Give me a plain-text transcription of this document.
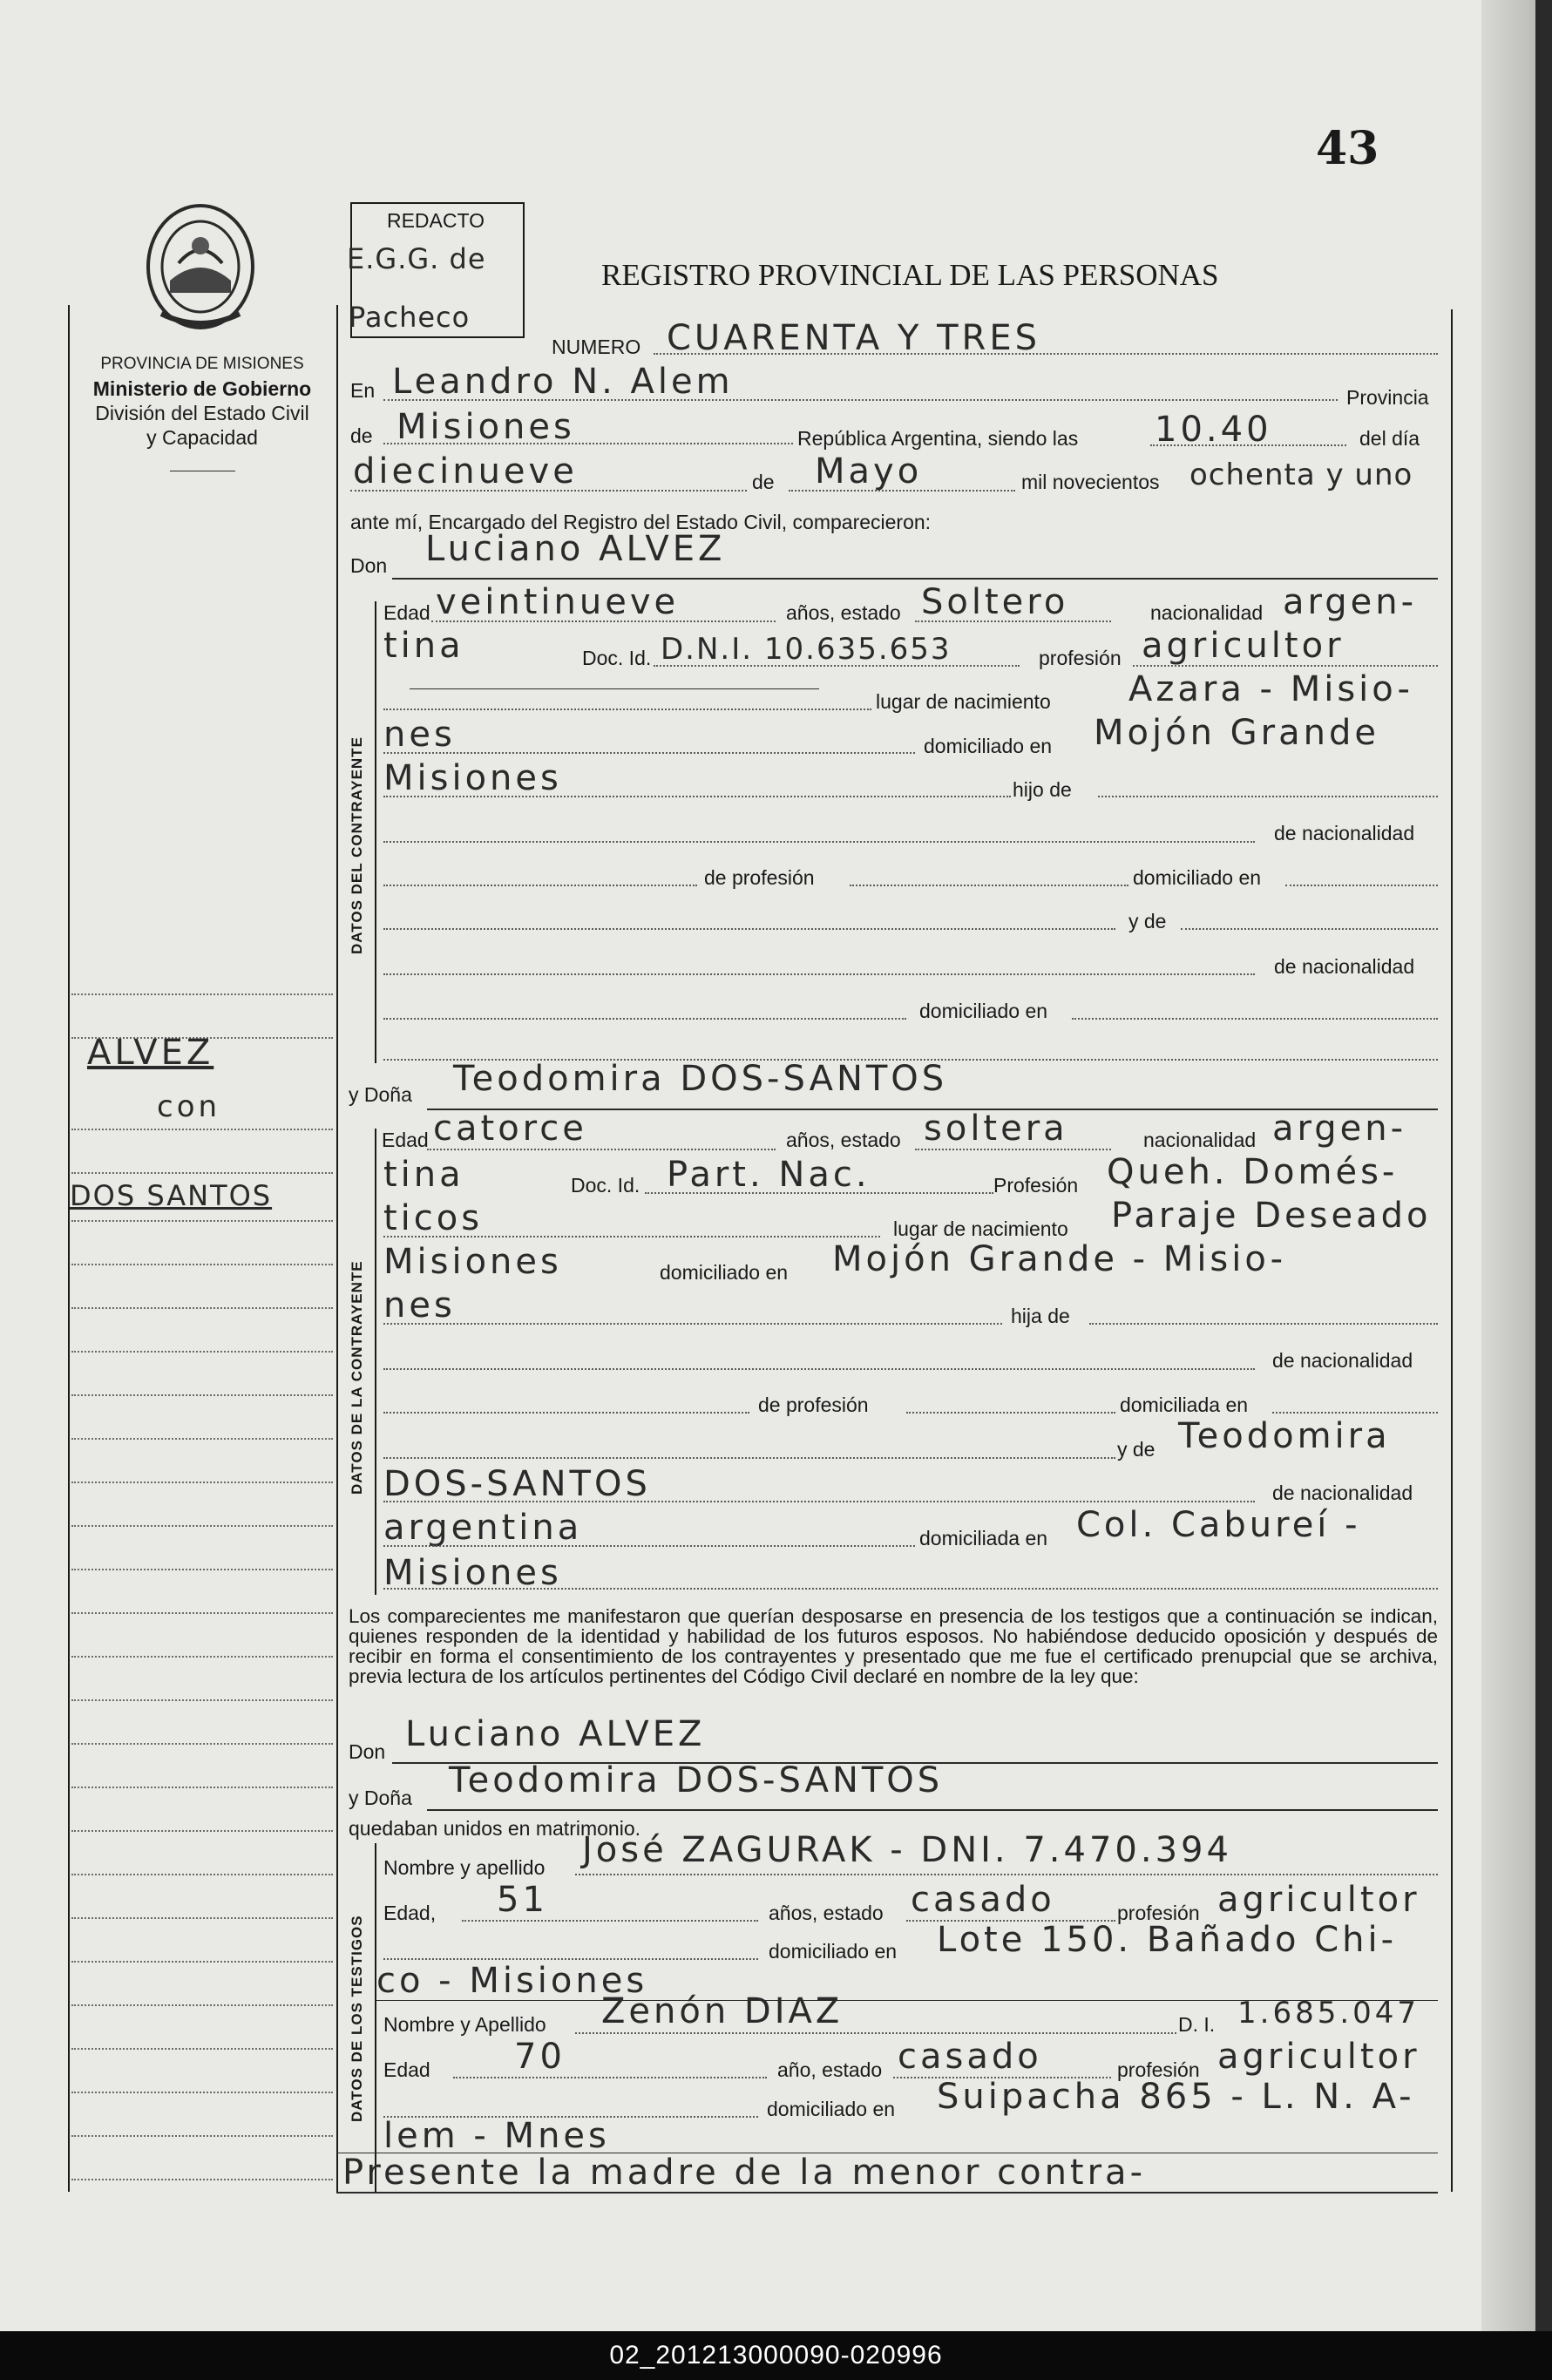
43
PROVINCIA DE MISIONES
Ministerio de Gobierno
División del Estado Civil
y Capacidad
ALVEZ
con
DOS SANTOS
REDACTO
E.G.G. de
Pacheco
REGISTRO PROVINCIAL DE LAS PERSONAS
NUMERO CUARENTA Y TRES
En Leandro N. Alem	Provincia
de Misiones	República Argentina, siendo las 10.40	del día
diecinueve	de Mayo	mil novecientos ochenta y uno
ante mí, Encargado del Registro del Estado Civil, comparecieron:
Don Luciano ALVEZ
DATOS DEL CONTRAYENTE
Edad veintinueve	años, estado Soltero	nacionalidad argen-
tina	Doc. Id. D.N.I. 10.635.653	profesión agricultor
lugar de nacimiento Azara - Misio-
nes	domiciliado en Mojón Grande
Misiones	hijo de
de nacionalidad
de profesión	domiciliado en
y de
de nacionalidad
domiciliado en
y Doña Teodomira DOS-SANTOS
DATOS DE LA CONTRAYENTE
Edad catorce	años, estado soltera	nacionalidad argen-
tina	Doc. Id. Part. Nac.	Profesión Queh. Domés-
ticos	lugar de nacimiento Paraje Deseado
Misiones	domiciliado en Mojón Grande - Misio-
nes	hija de
de nacionalidad
de profesión	domiciliada en
y de Teodomira
DOS-SANTOS	de nacionalidad
argentina	domiciliada en Col. Cabureí -
Misiones
Los comparecientes me manifestaron que querían desposarse en presencia de los testigos que a continuación se indican, quienes responden de la identidad y habilidad de los futuros esposos. No habiéndose deducido oposición y después de recibir en forma el consentimiento de los contrayentes y presentado que me fue el certificado prenupcial que se archiva, previa lectura de los artículos pertinentes del Código Civil declaré en nombre de la ley que:
Don Luciano ALVEZ
y Doña Teodomira DOS-SANTOS
quedaban unidos en matrimonio.
DATOS DE LOS TESTIGOS
Nombre y apellido José ZAGURAK - DNI. 7.470.394
Edad, 51	años, estado casado	profesión agricultor
domiciliado en Lote 150. Bañado Chi-
co - Misiones
Nombre y Apellido Zenón DIAZ	D. I. 1.685.047
Edad 70	año, estado casado	profesión agricultor
domiciliado en Suipacha 865 - L. N. A-
lem - Mnes
Presente la madre de la menor contra-
02_201213000090-020996
